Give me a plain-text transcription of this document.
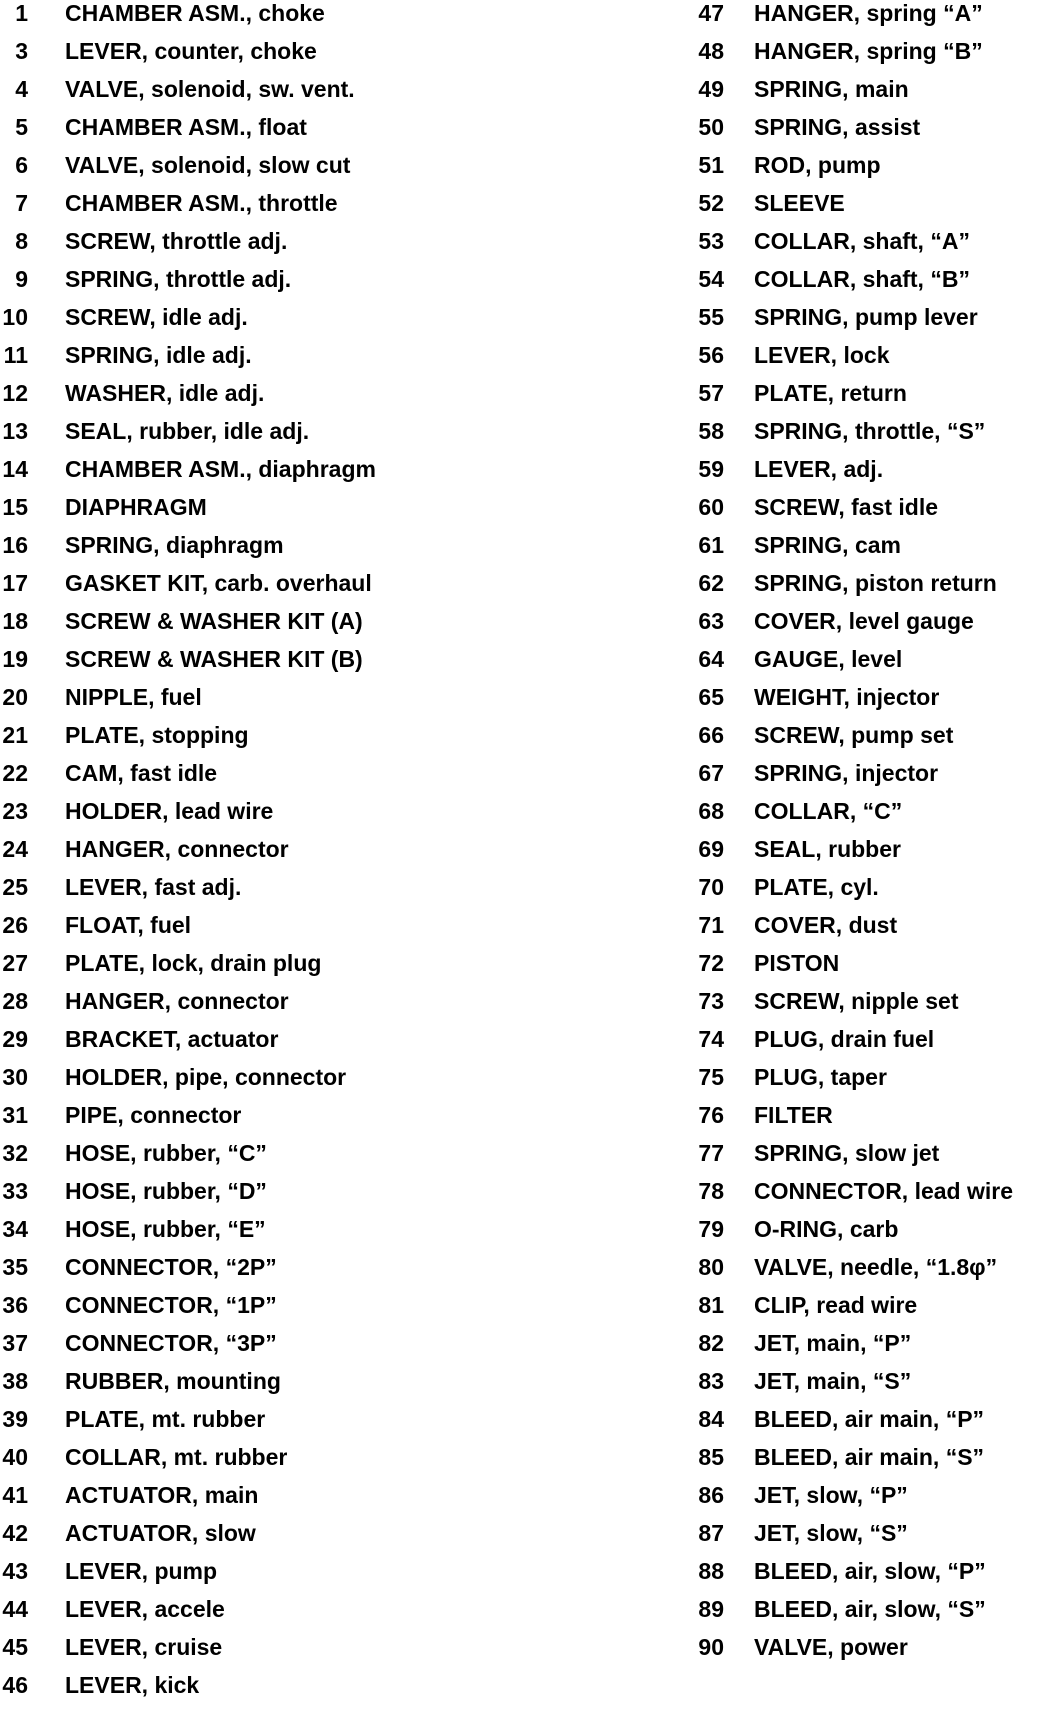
1 CHAMBER ASM., choke
3 LEVER, counter, choke
4 VALVE, solenoid, sw. vent.
5 CHAMBER ASM., float
6 VALVE, solenoid, slow cut
7 CHAMBER ASM., throttle
8 SCREW, throttle adj.
9 SPRING, throttle adj.
10 SCREW, idle adj.
11 SPRING, idle adj.
12 WASHER, idle adj.
13 SEAL, rubber, idle adj.
14 CHAMBER ASM., diaphragm
15 DIAPHRAGM
16 SPRING, diaphragm
17 GASKET KIT, carb. overhaul
18 SCREW & WASHER KIT (A)
19 SCREW & WASHER KIT (B)
20 NIPPLE, fuel
21 PLATE, stopping
22 CAM, fast idle
23 HOLDER, lead wire
24 HANGER, connector
25 LEVER, fast adj.
26 FLOAT, fuel
27 PLATE, lock, drain plug
28 HANGER, connector
29 BRACKET, actuator
30 HOLDER, pipe, connector
31 PIPE, connector
32 HOSE, rubber, “C”
33 HOSE, rubber, “D”
34 HOSE, rubber, “E”
35 CONNECTOR, “2P”
36 CONNECTOR, “1P”
37 CONNECTOR, “3P”
38 RUBBER, mounting
39 PLATE, mt. rubber
40 COLLAR, mt. rubber
41 ACTUATOR, main
42 ACTUATOR, slow
43 LEVER, pump
44 LEVER, accele
45 LEVER, cruise
46 LEVER, kick
47 HANGER, spring “A”
48 HANGER, spring “B”
49 SPRING, main
50 SPRING, assist
51 ROD, pump
52 SLEEVE
53 COLLAR, shaft, “A”
54 COLLAR, shaft, “B”
55 SPRING, pump lever
56 LEVER, lock
57 PLATE, return
58 SPRING, throttle, “S”
59 LEVER, adj.
60 SCREW, fast idle
61 SPRING, cam
62 SPRING, piston return
63 COVER, level gauge
64 GAUGE, level
65 WEIGHT, injector
66 SCREW, pump set
67 SPRING, injector
68 COLLAR, “C”
69 SEAL, rubber
70 PLATE, cyl.
71 COVER, dust
72 PISTON
73 SCREW, nipple set
74 PLUG, drain fuel
75 PLUG, taper
76 FILTER
77 SPRING, slow jet
78 CONNECTOR, lead wire
79 O-RING, carb
80 VALVE, needle, “1.8φ”
81 CLIP, read wire
82 JET, main, “P”
83 JET, main, “S”
84 BLEED, air main, “P”
85 BLEED, air main, “S”
86 JET, slow, “P”
87 JET, slow, “S”
88 BLEED, air, slow, “P”
89 BLEED, air, slow, “S”
90 VALVE, power
